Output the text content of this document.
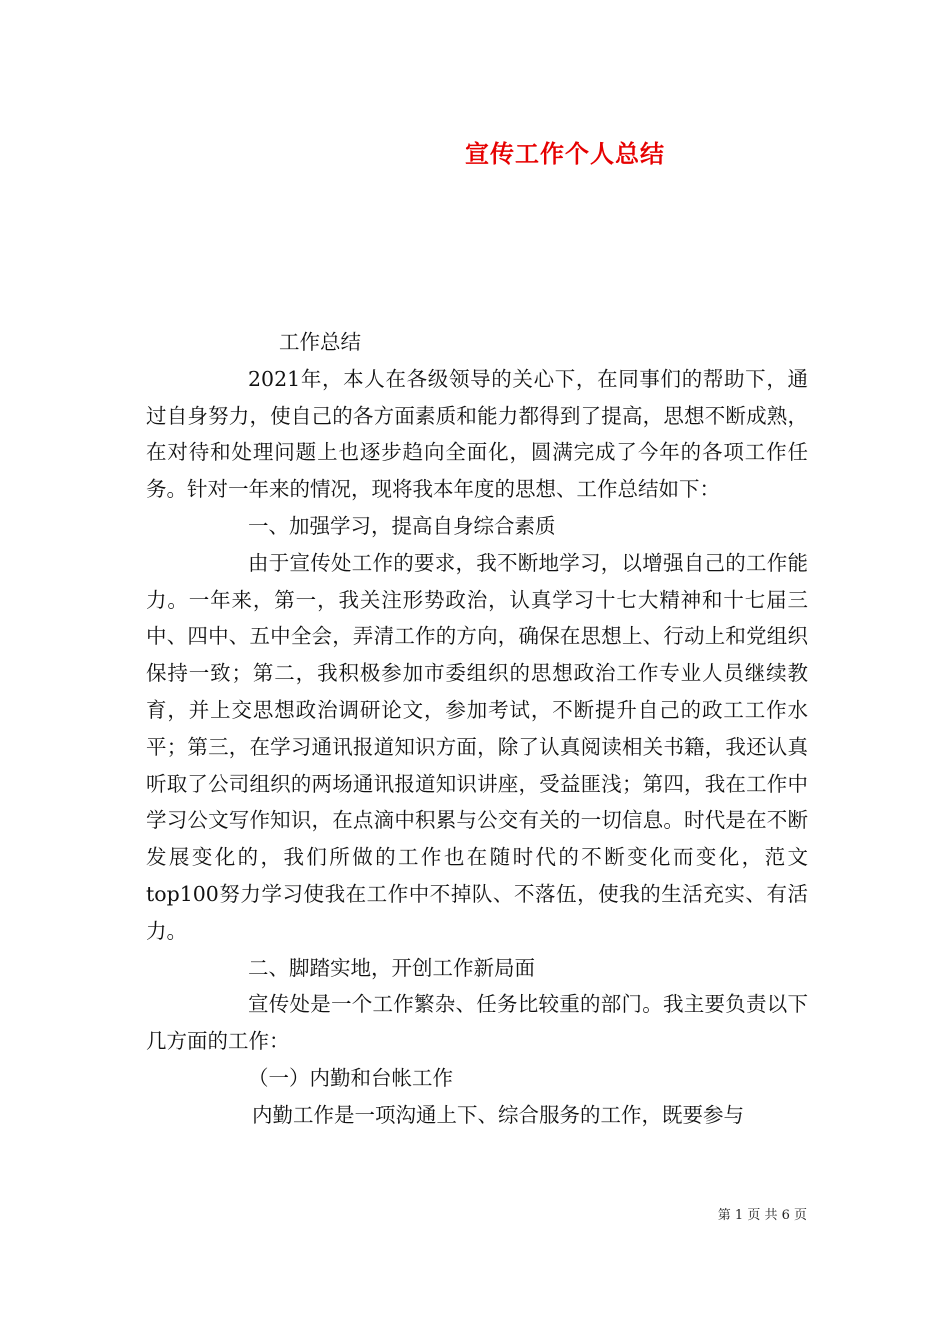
宣传工作个人总结

工作总结

2021年，本人在各级领导的关心下，在同事们的帮助下，通过自身努力，使自己的各方面素质和能力都得到了提高，思想不断成熟，在对待和处理问题上也逐步趋向全面化，圆满完成了今年的各项工作任务。针对一年来的情况，现将我本年度的思想、工作总结如下：

一、加强学习，提高自身综合素质

由于宣传处工作的要求，我不断地学习，以增强自己的工作能力。一年来，第一，我关注形势政治，认真学习十七大精神和十七届三中、四中、五中全会，弄清工作的方向，确保在思想上、行动上和党组织保持一致；第二，我积极参加市委组织的思想政治工作专业人员继续教育，并上交思想政治调研论文，参加考试，不断提升自己的政工工作水平；第三，在学习通讯报道知识方面，除了认真阅读相关书籍，我还认真听取了公司组织的两场通讯报道知识讲座，受益匪浅；第四，我在工作中学习公文写作知识，在点滴中积累与公交有关的一切信息。时代是在不断发展变化的，我们所做的工作也在随时代的不断变化而变化，范文top100努力学习使我在工作中不掉队、不落伍，使我的生活充实、有活力。

二、脚踏实地，开创工作新局面

宣传处是一个工作繁杂、任务比较重的部门。我主要负责以下几方面的工作：

（一）内勤和台帐工作

内勤工作是一项沟通上下、综合服务的工作，既要参与

第 1 页 共 6 页
